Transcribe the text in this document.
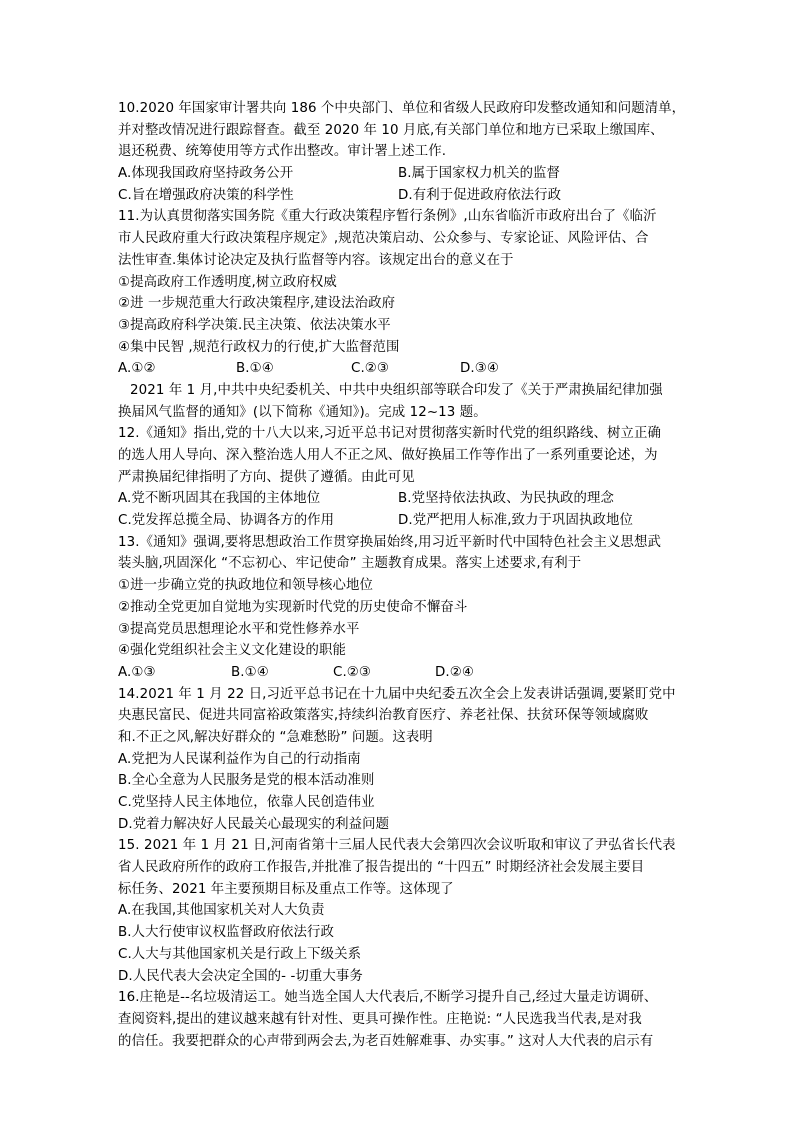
10.2020 年国家审计署共向 186 个中央部门、单位和省级人民政府印发整改通知和问题清单，
并对整改情况进行跟踪督查。截至 2020 年 10 月底,有关部门单位和地方已采取上缴国库、
退还税费、统筹使用等方式作出整改。审计署上述工作.
A.体现我国政府坚持政务公开	B.属于国家权力机关的监督
C.旨在增强政府决策的科学性	D.有利于促进政府依法行政
11.为认真贯彻落实国务院《重大行政决策程序暂行条例》,山东省临沂市政府出台了《临沂
市人民政府重大行政决策程序规定》,规范决策启动、公众参与、专家论证、风险评估、合
法性审查.集体讨论决定及执行监督等内容。该规定出台的意义在于
①提高政府工作透明度,树立政府权威
②进 一步规范重大行政决策程序,建设法治政府
③提高政府科学决策.民主决策、依法决策水平
④集中民智 ,规范行政权力的行使,扩大监督范围
A.①②	B.①④	C.②③	D.③④
2021 年 1 月,中共中央纪委机关、中共中央组织部等联合印发了《关于严肃换届纪律加强
换届风气监督的通知》(以下简称《通知》)。完成 12~13 题。
12.《通知》指出,党的十八大以来,习近平总书记对贯彻落实新时代党的组织路线、树立正确
的选人用人导向、深入整治选人用人不正之风、做好换届工作等作出了一系列重要论述，为
严肃换届纪律指明了方向、提供了遵循。由此可见
A.党不断巩固其在我国的主体地位	B.党坚持依法执政、为民执政的理念
C.党发挥总揽全局、协调各方的作用	D.党严把用人标准,致力于巩固执政地位
13.《通知》强调,要将思想政治工作贯穿换届始终,用习近平新时代中国特色社会主义思想武
装头脑,巩固深化 “不忘初心、牢记使命” 主题教育成果。落实上述要求,有利于
①进一步确立党的执政地位和领导核心地位
②推动全党更加自觉地为实现新时代党的历史使命不懈奋斗
③提高党员思想理论水平和党性修养水平
④强化党组织社会主义文化建设的职能
A.①③	B.①④	C.②③	D.②④
14.2021 年 1 月 22 日,习近平总书记在十九届中央纪委五次全会上发表讲话强调,要紧盯党中
央惠民富民、促进共同富裕政策落实,持续纠治教育医疗、养老社保、扶贫环保等领域腐败
和.不正之风,解决好群众的 “急难愁盼” 问题。这表明
A.党把为人民谋利益作为自己的行动指南
B.全心全意为人民服务是党的根本活动准则
C.党坚持人民主体地位，依靠人民创造伟业
D.党着力解决好人民最关心最现实的利益问题
15. 2021 年 1 月 21 日,河南省第十三届人民代表大会第四次会议听取和审议了尹弘省长代表
省人民政府所作的政府工作报告,并批准了报告提出的 “十四五” 时期经济社会发展主要目
标任务、2021 年主要预期目标及重点工作等。这体现了
A.在我国,其他国家机关对人大负责
B.人大行使审议权监督政府依法行政
C.人大与其他国家机关是行政上下级关系
D.人民代表大会决定全国的- -切重大事务
16.庄艳是--名垃圾清运工。她当选全国人大代表后,不断学习提升自己,经过大量走访调研、
查阅资料,提出的建议越来越有针对性、更具可操作性。庄艳说: “人民选我当代表,是对我
的信任。我要把群众的心声带到两会去,为老百姓解难事、办实事。” 这对人大代表的启示有
